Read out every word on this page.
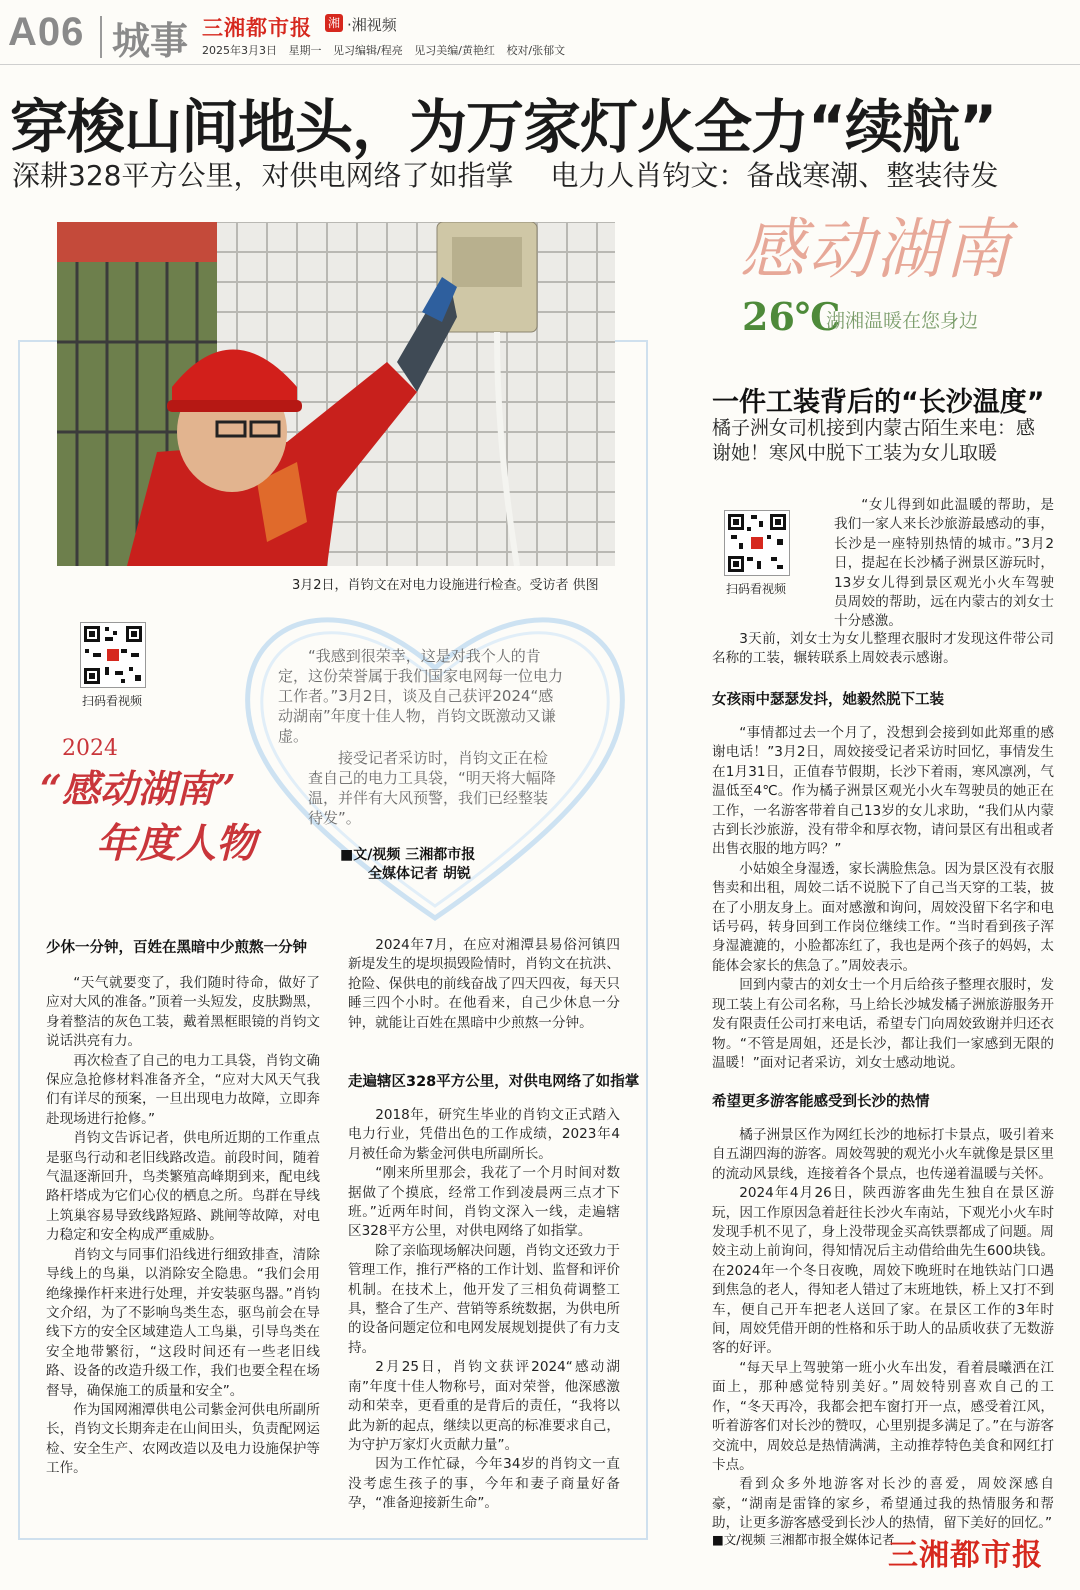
A06 城事 三湘都市报 湘 ·湘视频
2025年3月3日 星期一 见习编辑/程亮 见习美编/黄艳红 校对/张郁文
穿梭山间地头，为万家灯火全力“续航”
深耕328平方公里，对供电网络了如指掌 电力人肖钧文：备战寒潮、整装待发
3月2日，肖钧文在对电力设施进行检查。受访者 供图
扫码看视频
“我感到很荣幸，这是对我个人的肯定，这份荣誉属于我们国家电网每一位电力工作者。”3月2日，谈及自己获评2024“感动湖南”年度十佳人物，肖钧文既激动又谦虚。
接受记者采访时，肖钧文正在检查自己的电力工具袋，“明天将大幅降温，并伴有大风预警，我们已经整装待发”。
■文/视频 三湘都市报
全媒体记者 胡锐
2024
“感动湖南”
年度人物
少休一分钟，百姓在黑暗中少煎熬一分钟

“天气就要变了，我们随时待命，做好了应对大风的准备。”顶着一头短发，皮肤黝黑，身着整洁的灰色工装，戴着黑框眼镜的肖钧文说话洪亮有力。

再次检查了自己的电力工具袋，肖钧文确保应急抢修材料准备齐全，“应对大风天气我们有详尽的预案，一旦出现电力故障，立即奔赴现场进行抢修。”

肖钧文告诉记者，供电所近期的工作重点是驱鸟行动和老旧线路改造。前段时间，随着气温逐渐回升，鸟类繁殖高峰期到来，配电线路杆塔成为它们心仪的栖息之所。鸟群在导线上筑巢容易导致线路短路、跳闸等故障，对电力稳定和安全构成严重威胁。

肖钧文与同事们沿线进行细致排查，清除导线上的鸟巢，以消除安全隐患。“我们会用绝缘操作杆来进行处理，并安装驱鸟器。”肖钧文介绍，为了不影响鸟类生态，驱鸟前会在导线下方的安全区域建造人工鸟巢，引导鸟类在安全地带繁衍，“这段时间还有一些老旧线路、设备的改造升级工作，我们也要全程在场督导，确保施工的质量和安全”。

作为国网湘潭供电公司紫金河供电所副所长，肖钧文长期奔走在山间田头，负责配网运检、安全生产、农网改造以及电力设施保护等工作。

2024年7月，在应对湘潭县易俗河镇四新堤发生的堤坝损毁险情时，肖钧文在抗洪、抢险、保供电的前线奋战了四天四夜，每天只睡三四个小时。在他看来，自己少休息一分钟，就能让百姓在黑暗中少煎熬一分钟。

走遍辖区328平方公里，对供电网络了如指掌

2018年，研究生毕业的肖钧文正式踏入电力行业，凭借出色的工作成绩，2023年4月被任命为紫金河供电所副所长。

“刚来所里那会，我花了一个月时间对数据做了个摸底，经常工作到凌晨两三点才下班。”近两年时间，肖钧文深入一线，走遍辖区328平方公里，对供电网络了如指掌。

除了亲临现场解决问题，肖钧文还致力于管理工作，推行严格的工作计划、监督和评价机制。在技术上，他开发了三相负荷调整工具，整合了生产、营销等系统数据，为供电所的设备问题定位和电网发展规划提供了有力支持。

2月25日，肖钧文获评2024“感动湖南”年度十佳人物称号，面对荣誉，他深感激动和荣幸，更看重的是背后的责任，“我将以此为新的起点，继续以更高的标准要求自己，为守护万家灯火贡献力量”。

因为工作忙碌，今年34岁的肖钧文一直没考虑生孩子的事，今年和妻子商量好备孕，“准备迎接新生命”。

感动湖南
26℃
湖湘温暖在您身边
一件工装背后的“长沙温度”
橘子洲女司机接到内蒙古陌生来电：感谢她！寒风中脱下工装为女儿取暖
扫码看视频

“女儿得到如此温暖的帮助，是我们一家人来长沙旅游最感动的事，长沙是一座特别热情的城市。”3月2日，提起在长沙橘子洲景区游玩时，13岁女儿得到景区观光小火车驾驶员周姣的帮助，远在内蒙古的刘女士十分感激。

3天前，刘女士为女儿整理衣服时才发现这件带公司名称的工装，辗转联系上周姣表示感谢。

女孩雨中瑟瑟发抖，她毅然脱下工装

“事情都过去一个月了，没想到会接到如此郑重的感谢电话！”3月2日，周姣接受记者采访时回忆，事情发生在1月31日，正值春节假期，长沙下着雨，寒风凛冽，气温低至4℃。作为橘子洲景区观光小火车驾驶员的她正在工作，一名游客带着自己13岁的女儿求助，“我们从内蒙古到长沙旅游，没有带伞和厚衣物，请问景区有出租或者出售衣服的地方吗？”

小姑娘全身湿透，家长满脸焦急。因为景区没有衣服售卖和出租，周姣二话不说脱下了自己当天穿的工装，披在了小朋友身上。面对感激和询问，周姣没留下名字和电话号码，转身回到工作岗位继续工作。“当时看到孩子浑身湿漉漉的，小脸都冻红了，我也是两个孩子的妈妈，太能体会家长的焦急了。”周姣表示。

回到内蒙古的刘女士一个月后给孩子整理衣服时，发现工装上有公司名称，马上给长沙城发橘子洲旅游服务开发有限责任公司打来电话，希望专门向周姣致谢并归还衣物。“不管是周姐，还是长沙，都让我们一家感到无限的温暖！”面对记者采访，刘女士感动地说。

希望更多游客能感受到长沙的热情

橘子洲景区作为网红长沙的地标打卡景点，吸引着来自五湖四海的游客。周姣驾驶的观光小火车就像是景区里的流动风景线，连接着各个景点，也传递着温暖与关怀。

2024年4月26日，陕西游客曲先生独自在景区游玩，因工作原因急着赶往长沙火车南站，下观光小火车时发现手机不见了，身上没带现金买高铁票都成了问题。周姣主动上前询问，得知情况后主动借给曲先生600块钱。在2024年一个冬日夜晚，周姣下晚班时在地铁站门口遇到焦急的老人，得知老人错过了末班地铁，桥上又打不到车，便自己开车把老人送回了家。在景区工作的3年时间，周姣凭借开朗的性格和乐于助人的品质收获了无数游客的好评。

“每天早上驾驶第一班小火车出发，看着晨曦洒在江面上，那种感觉特别美好。”周姣特别喜欢自己的工作，“冬天再冷，我都会把车窗打开一点，感受着江风，听着游客们对长沙的赞叹，心里别提多满足了。”在与游客交流中，周姣总是热情满满，主动推荐特色美食和网红打卡点。

看到众多外地游客对长沙的喜爱，周姣深感自豪，“湖南是雷锋的家乡，希望通过我的热情服务和帮助，让更多游客感受到长沙人的热情，留下美好的回忆。”

■文/视频 三湘都市报全媒体记者
三湘都市报
